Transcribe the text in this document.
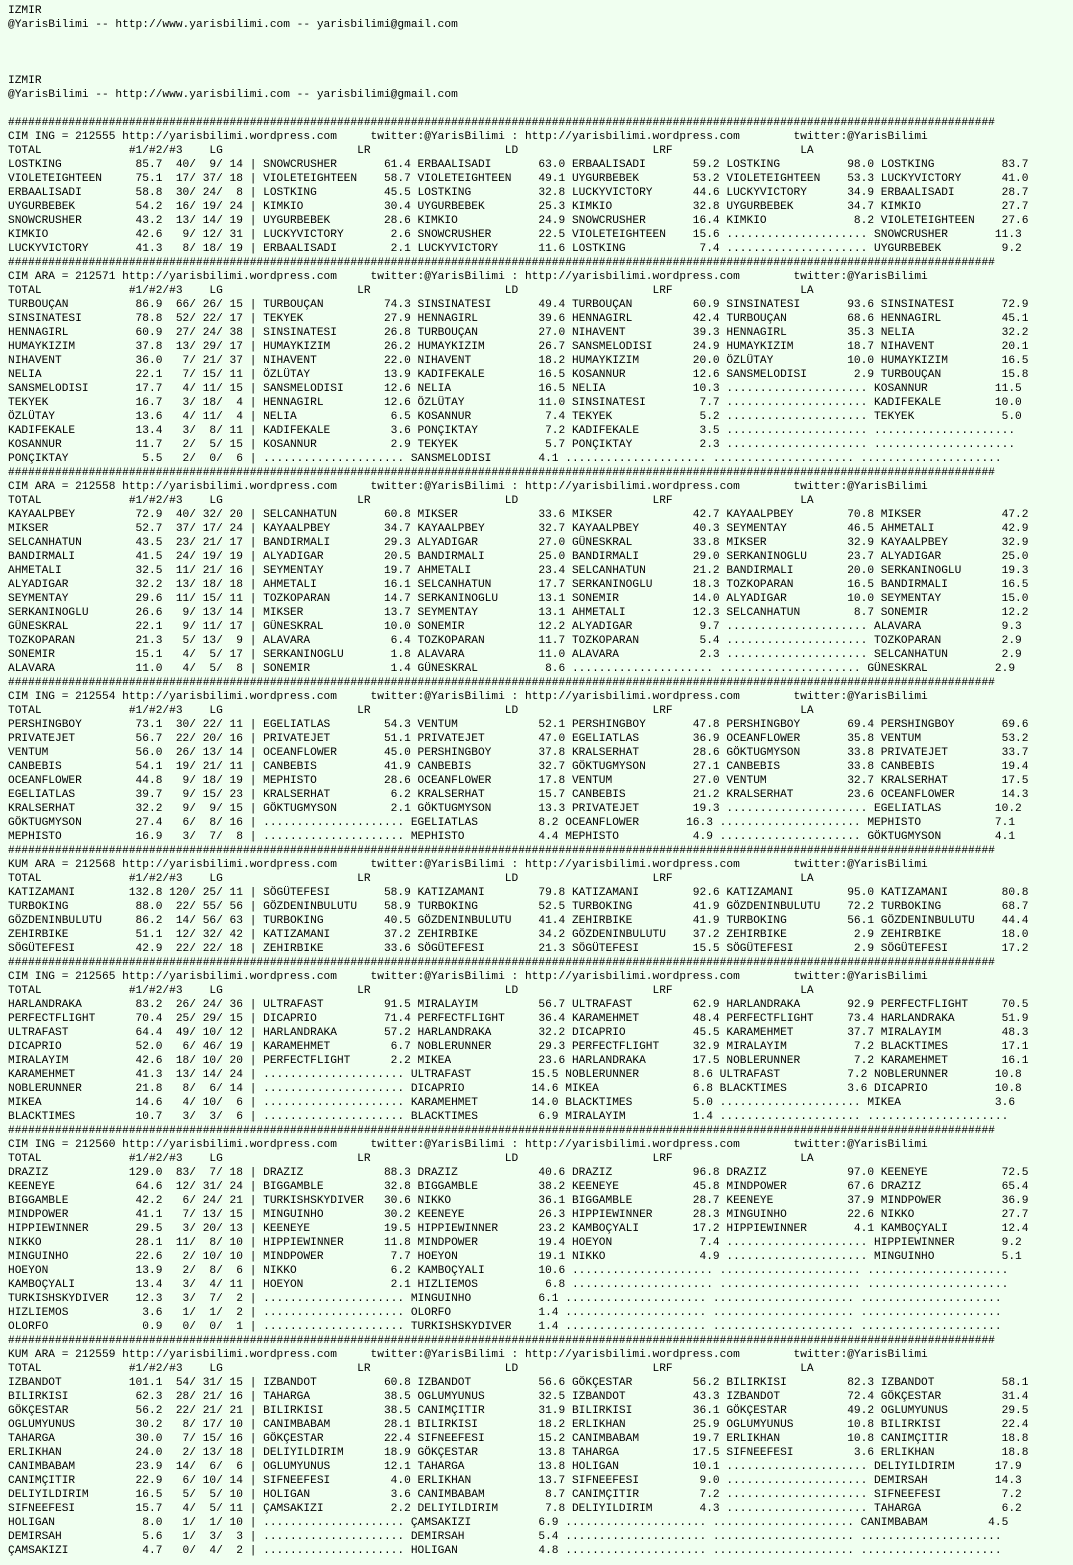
IZMIR
@YarisBilimi -- http://www.yarisbilimi.com -- yarisbilimi@gmail.com

IZMIR
@YarisBilimi -- http://www.yarisbilimi.com -- yarisbilimi@gmail.com

###################################################################################################################################################
CIM ING = 212555 http://yarisbilimi.wordpress.com     twitter:@YarisBilimi : http://yarisbilimi.wordpress.com        twitter:@YarisBilimi
TOTAL             #1/#2/#3    LG                    LR                    LD                    LRF                   LA
LOSTKING           85.7  40/  9/ 14 | SNOWCRUSHER       61.4 ERBAALISADI       63.0 ERBAALISADI       59.2 LOSTKING          98.0 LOSTKING          83.7
VIOLETEIGHTEEN     75.1  17/ 37/ 18 | VIOLETEIGHTEEN    58.7 VIOLETEIGHTEEN    49.1 UYGURBEBEK        53.2 VIOLETEIGHTEEN    53.3 LUCKYVICTORY      41.0
ERBAALISADI        58.8  30/ 24/  8 | LOSTKING          45.5 LOSTKING          32.8 LUCKYVICTORY      44.6 LUCKYVICTORY      34.9 ERBAALISADI       28.7
UYGURBEBEK         54.2  16/ 19/ 24 | KIMKIO            30.4 UYGURBEBEK        25.3 KIMKIO            32.8 UYGURBEBEK        34.7 KIMKIO            27.7
SNOWCRUSHER        43.2  13/ 14/ 19 | UYGURBEBEK        28.6 KIMKIO            24.9 SNOWCRUSHER       16.4 KIMKIO             8.2 VIOLETEIGHTEEN    27.6
KIMKIO             42.6   9/ 12/ 31 | LUCKYVICTORY       2.6 SNOWCRUSHER       22.5 VIOLETEIGHTEEN    15.6 ..................... SNOWCRUSHER       11.3
LUCKYVICTORY       41.3   8/ 18/ 19 | ERBAALISADI        2.1 LUCKYVICTORY      11.6 LOSTKING           7.4 ..................... UYGURBEBEK         9.2
###################################################################################################################################################
CIM ARA = 212571 http://yarisbilimi.wordpress.com     twitter:@YarisBilimi : http://yarisbilimi.wordpress.com        twitter:@YarisBilimi
TOTAL             #1/#2/#3    LG                    LR                    LD                    LRF                   LA
TURBOUÇAN          86.9  66/ 26/ 15 | TURBOUÇAN         74.3 SINSINATESI       49.4 TURBOUÇAN         60.9 SINSINATESI       93.6 SINSINATESI       72.9
SINSINATESI        78.8  52/ 22/ 17 | TEKYEK            27.9 HENNAGIRL         39.6 HENNAGIRL         42.4 TURBOUÇAN         68.6 HENNAGIRL         45.1
HENNAGIRL          60.9  27/ 24/ 38 | SINSINATESI       26.8 TURBOUÇAN         27.0 NIHAVENT          39.3 HENNAGIRL         35.3 NELIA             32.2
HUMAYKIZIM         37.8  13/ 29/ 17 | HUMAYKIZIM        26.2 HUMAYKIZIM        26.7 SANSMELODISI      24.9 HUMAYKIZIM        18.7 NIHAVENT          20.1
NIHAVENT           36.0   7/ 21/ 37 | NIHAVENT          22.0 NIHAVENT          18.2 HUMAYKIZIM        20.0 ÖZLÜTAY           10.0 HUMAYKIZIM        16.5
NELIA              22.1   7/ 15/ 11 | ÖZLÜTAY           13.9 KADIFEKALE        16.5 KOSANNUR          12.6 SANSMELODISI       2.9 TURBOUÇAN         15.8
SANSMELODISI       17.7   4/ 11/ 15 | SANSMELODISI      12.6 NELIA             16.5 NELIA             10.3 ..................... KOSANNUR          11.5
TEKYEK             16.7   3/ 18/  4 | HENNAGIRL         12.6 ÖZLÜTAY           11.0 SINSINATESI        7.7 ..................... KADIFEKALE        10.0
ÖZLÜTAY            13.6   4/ 11/  4 | NELIA              6.5 KOSANNUR           7.4 TEKYEK             5.2 ..................... TEKYEK             5.0
KADIFEKALE         13.4   3/  8/ 11 | KADIFEKALE         3.6 PONÇIKTAY          7.2 KADIFEKALE         3.5 ..................... .....................
KOSANNUR           11.7   2/  5/ 15 | KOSANNUR           2.9 TEKYEK             5.7 PONÇIKTAY          2.3 ..................... .....................
PONÇIKTAY           5.5   2/  0/  6 | ..................... SANSMELODISI       4.1 ..................... ..................... .....................
###################################################################################################################################################
CIM ARA = 212558 http://yarisbilimi.wordpress.com     twitter:@YarisBilimi : http://yarisbilimi.wordpress.com        twitter:@YarisBilimi
TOTAL             #1/#2/#3    LG                    LR                    LD                    LRF                   LA
KAYAALPBEY         72.9  40/ 32/ 20 | SELCANHATUN       60.8 MIKSER            33.6 MIKSER            42.7 KAYAALPBEY        70.8 MIKSER            47.2
MIKSER             52.7  37/ 17/ 24 | KAYAALPBEY        34.7 KAYAALPBEY        32.7 KAYAALPBEY        40.3 SEYMENTAY         46.5 AHMETALI          42.9
SELCANHATUN        43.5  23/ 21/ 17 | BANDIRMALI        29.3 ALYADIGAR         27.0 GÜNESKRAL         33.8 MIKSER            32.9 KAYAALPBEY        32.9
BANDIRMALI         41.5  24/ 19/ 19 | ALYADIGAR         20.5 BANDIRMALI        25.0 BANDIRMALI        29.0 SERKANINOGLU      23.7 ALYADIGAR         25.0
AHMETALI           32.5  11/ 21/ 16 | SEYMENTAY         19.7 AHMETALI          23.4 SELCANHATUN       21.2 BANDIRMALI        20.0 SERKANINOGLU      19.3
ALYADIGAR          32.2  13/ 18/ 18 | AHMETALI          16.1 SELCANHATUN       17.7 SERKANINOGLU      18.3 TOZKOPARAN        16.5 BANDIRMALI        16.5
SEYMENTAY          29.6  11/ 15/ 11 | TOZKOPARAN        14.7 SERKANINOGLU      13.1 SONEMIR           14.0 ALYADIGAR         10.0 SEYMENTAY         15.0
SERKANINOGLU       26.6   9/ 13/ 14 | MIKSER            13.7 SEYMENTAY         13.1 AHMETALI          12.3 SELCANHATUN        8.7 SONEMIR           12.2
GÜNESKRAL          22.1   9/ 11/ 17 | GÜNESKRAL         10.0 SONEMIR           12.2 ALYADIGAR          9.7 ..................... ALAVARA            9.3
TOZKOPARAN         21.3   5/ 13/  9 | ALAVARA            6.4 TOZKOPARAN        11.7 TOZKOPARAN         5.4 ..................... TOZKOPARAN         2.9
SONEMIR            15.1   4/  5/ 17 | SERKANINOGLU       1.8 ALAVARA           11.0 ALAVARA            2.3 ..................... SELCANHATUN        2.9
ALAVARA            11.0   4/  5/  8 | SONEMIR            1.4 GÜNESKRAL          8.6 ..................... ..................... GÜNESKRAL          2.9
###################################################################################################################################################
CIM ING = 212554 http://yarisbilimi.wordpress.com     twitter:@YarisBilimi : http://yarisbilimi.wordpress.com        twitter:@YarisBilimi
TOTAL             #1/#2/#3    LG                    LR                    LD                    LRF                   LA
PERSHINGBOY        73.1  30/ 22/ 11 | EGELIATLAS        54.3 VENTUM            52.1 PERSHINGBOY       47.8 PERSHINGBOY       69.4 PERSHINGBOY       69.6
PRIVATEJET         56.7  22/ 20/ 16 | PRIVATEJET        51.1 PRIVATEJET        47.0 EGELIATLAS        36.9 OCEANFLOWER       35.8 VENTUM            53.2
VENTUM             56.0  26/ 13/ 14 | OCEANFLOWER       45.0 PERSHINGBOY       37.8 KRALSERHAT        28.6 GÖKTUGMYSON       33.8 PRIVATEJET        33.7
CANBEBIS           54.1  19/ 21/ 11 | CANBEBIS          41.9 CANBEBIS          32.7 GÖKTUGMYSON       27.1 CANBEBIS          33.8 CANBEBIS          19.4
OCEANFLOWER        44.8   9/ 18/ 19 | MEPHISTO          28.6 OCEANFLOWER       17.8 VENTUM            27.0 VENTUM            32.7 KRALSERHAT        17.5
EGELIATLAS         39.7   9/ 15/ 23 | KRALSERHAT         6.2 KRALSERHAT        15.7 CANBEBIS          21.2 KRALSERHAT        23.6 OCEANFLOWER       14.3
KRALSERHAT         32.2   9/  9/ 15 | GÖKTUGMYSON        2.1 GÖKTUGMYSON       13.3 PRIVATEJET        19.3 ..................... EGELIATLAS        10.2
GÖKTUGMYSON        27.4   6/  8/ 16 | ..................... EGELIATLAS         8.2 OCEANFLOWER       16.3 ..................... MEPHISTO           7.1
MEPHISTO           16.9   3/  7/  8 | ..................... MEPHISTO           4.4 MEPHISTO           4.9 ..................... GÖKTUGMYSON        4.1
###################################################################################################################################################
KUM ARA = 212568 http://yarisbilimi.wordpress.com     twitter:@YarisBilimi : http://yarisbilimi.wordpress.com        twitter:@YarisBilimi
TOTAL             #1/#2/#3    LG                    LR                    LD                    LRF                   LA
KATIZAMANI        132.8 120/ 25/ 11 | SÖGÜTEFESI        58.9 KATIZAMANI        79.8 KATIZAMANI        92.6 KATIZAMANI        95.0 KATIZAMANI        80.8
TURBOKING          88.0  22/ 55/ 56 | GÖZDENINBULUTU    58.9 TURBOKING         52.5 TURBOKING         41.9 GÖZDENINBULUTU    72.2 TURBOKING         68.7
GÖZDENINBULUTU     86.2  14/ 56/ 63 | TURBOKING         40.5 GÖZDENINBULUTU    41.4 ZEHIRBIKE         41.9 TURBOKING         56.1 GÖZDENINBULUTU    44.4
ZEHIRBIKE          51.1  12/ 32/ 42 | KATIZAMANI        37.2 ZEHIRBIKE         34.2 GÖZDENINBULUTU    37.2 ZEHIRBIKE          2.9 ZEHIRBIKE         18.0
SÖGÜTEFESI         42.9  22/ 22/ 18 | ZEHIRBIKE         33.6 SÖGÜTEFESI        21.3 SÖGÜTEFESI        15.5 SÖGÜTEFESI         2.9 SÖGÜTEFESI        17.2
###################################################################################################################################################
CIM ING = 212565 http://yarisbilimi.wordpress.com     twitter:@YarisBilimi : http://yarisbilimi.wordpress.com        twitter:@YarisBilimi
TOTAL             #1/#2/#3    LG                    LR                    LD                    LRF                   LA
HARLANDRAKA        83.2  26/ 24/ 36 | ULTRAFAST         91.5 MIRALAYIM         56.7 ULTRAFAST         62.9 HARLANDRAKA       92.9 PERFECTFLIGHT     70.5
PERFECTFLIGHT      70.4  25/ 29/ 15 | DICAPRIO          71.4 PERFECTFLIGHT     36.4 KARAMEHMET        48.4 PERFECTFLIGHT     73.4 HARLANDRAKA       51.9
ULTRAFAST          64.4  49/ 10/ 12 | HARLANDRAKA       57.2 HARLANDRAKA       32.2 DICAPRIO          45.5 KARAMEHMET        37.7 MIRALAYIM         48.3
DICAPRIO           52.0   6/ 46/ 19 | KARAMEHMET         6.7 NOBLERUNNER       29.3 PERFECTFLIGHT     32.9 MIRALAYIM          7.2 BLACKTIMES        17.1
MIRALAYIM          42.6  18/ 10/ 20 | PERFECTFLIGHT      2.2 MIKEA             23.6 HARLANDRAKA       17.5 NOBLERUNNER        7.2 KARAMEHMET        16.1
KARAMEHMET         41.3  13/ 14/ 24 | ..................... ULTRAFAST         15.5 NOBLERUNNER        8.6 ULTRAFAST          7.2 NOBLERUNNER       10.8
NOBLERUNNER        21.8   8/  6/ 14 | ..................... DICAPRIO          14.6 MIKEA              6.8 BLACKTIMES         3.6 DICAPRIO          10.8
MIKEA              14.6   4/ 10/  6 | ..................... KARAMEHMET        14.0 BLACKTIMES         5.0 ..................... MIKEA              3.6
BLACKTIMES         10.7   3/  3/  6 | ..................... BLACKTIMES         6.9 MIRALAYIM          1.4 ..................... .....................
###################################################################################################################################################
CIM ING = 212560 http://yarisbilimi.wordpress.com     twitter:@YarisBilimi : http://yarisbilimi.wordpress.com        twitter:@YarisBilimi
TOTAL             #1/#2/#3    LG                    LR                    LD                    LRF                   LA
DRAZIZ            129.0  83/  7/ 18 | DRAZIZ            88.3 DRAZIZ            40.6 DRAZIZ            96.8 DRAZIZ            97.0 KEENEYE           72.5
KEENEYE            64.6  12/ 31/ 24 | BIGGAMBLE         32.8 BIGGAMBLE         38.2 KEENEYE           45.8 MINDPOWER         67.6 DRAZIZ            65.4
BIGGAMBLE          42.2   6/ 24/ 21 | TURKISHSKYDIVER   30.6 NIKKO             36.1 BIGGAMBLE         28.7 KEENEYE           37.9 MINDPOWER         36.9
MINDPOWER          41.1   7/ 13/ 15 | MINGUINHO         30.2 KEENEYE           26.3 HIPPIEWINNER      28.3 MINGUINHO         22.6 NIKKO             27.7
HIPPIEWINNER       29.5   3/ 20/ 13 | KEENEYE           19.5 HIPPIEWINNER      23.2 KAMBOÇYALI        17.2 HIPPIEWINNER       4.1 KAMBOÇYALI        12.4
NIKKO              28.1  11/  8/ 10 | HIPPIEWINNER      11.8 MINDPOWER         19.4 HOEYON             7.4 ..................... HIPPIEWINNER       9.2
MINGUINHO          22.6   2/ 10/ 10 | MINDPOWER          7.7 HOEYON            19.1 NIKKO              4.9 ..................... MINGUINHO          5.1
HOEYON             13.9   2/  8/  6 | NIKKO              6.2 KAMBOÇYALI        10.6 ..................... ..................... .....................
KAMBOÇYALI         13.4   3/  4/ 11 | HOEYON             2.1 HIZLIEMOS          6.8 ..................... ..................... .....................
TURKISHSKYDIVER    12.3   3/  7/  2 | ..................... MINGUINHO          6.1 ..................... ..................... .....................
HIZLIEMOS           3.6   1/  1/  2 | ..................... OLORFO             1.4 ..................... ..................... .....................
OLORFO              0.9   0/  0/  1 | ..................... TURKISHSKYDIVER    1.4 ..................... ..................... .....................
###################################################################################################################################################
KUM ARA = 212559 http://yarisbilimi.wordpress.com     twitter:@YarisBilimi : http://yarisbilimi.wordpress.com        twitter:@YarisBilimi
TOTAL             #1/#2/#3    LG                    LR                    LD                    LRF                   LA
IZBANDOT          101.1  54/ 31/ 15 | IZBANDOT          60.8 IZBANDOT          56.6 GÖKÇESTAR         56.2 BILIRKISI         82.3 IZBANDOT          58.1
BILIRKISI          62.3  28/ 21/ 16 | TAHARGA           38.5 OGLUMYUNUS        32.5 IZBANDOT          43.3 IZBANDOT          72.4 GÖKÇESTAR         31.4
GÖKÇESTAR          56.2  22/ 21/ 21 | BILIRKISI         38.5 CANIMÇITIR        31.9 BILIRKISI         36.1 GÖKÇESTAR         49.2 OGLUMYUNUS        29.5
OGLUMYUNUS         30.2   8/ 17/ 10 | CANIMBABAM        28.1 BILIRKISI         18.2 ERLIKHAN          25.9 OGLUMYUNUS        10.8 BILIRKISI         22.4
TAHARGA            30.0   7/ 15/ 16 | GÖKÇESTAR         22.4 SIFNEEFESI        15.2 CANIMBABAM        19.7 ERLIKHAN          10.8 CANIMÇITIR        18.8
ERLIKHAN           24.0   2/ 13/ 18 | DELIYILDIRIM      18.9 GÖKÇESTAR         13.8 TAHARGA           17.5 SIFNEEFESI         3.6 ERLIKHAN          18.8
CANIMBABAM         23.9  14/  6/  6 | OGLUMYUNUS        12.1 TAHARGA           13.8 HOLIGAN           10.1 ..................... DELIYILDIRIM      17.9
CANIMÇITIR         22.9   6/ 10/ 14 | SIFNEEFESI         4.0 ERLIKHAN          13.7 SIFNEEFESI         9.0 ..................... DEMIRSAH          14.3
DELIYILDIRIM       16.5   5/  5/ 10 | HOLIGAN            3.6 CANIMBABAM         8.7 CANIMÇITIR         7.2 ..................... SIFNEEFESI         7.2
SIFNEEFESI         15.7   4/  5/ 11 | ÇAMSAKIZI          2.2 DELIYILDIRIM       7.8 DELIYILDIRIM       4.3 ..................... TAHARGA            6.2
HOLIGAN             8.0   1/  1/ 10 | ..................... ÇAMSAKIZI          6.9 ..................... ..................... CANIMBABAM         4.5
DEMIRSAH            5.6   1/  3/  3 | ..................... DEMIRSAH           5.4 ..................... ..................... .....................
ÇAMSAKIZI           4.7   0/  4/  2 | ..................... HOLIGAN            4.8 ..................... ..................... .....................
